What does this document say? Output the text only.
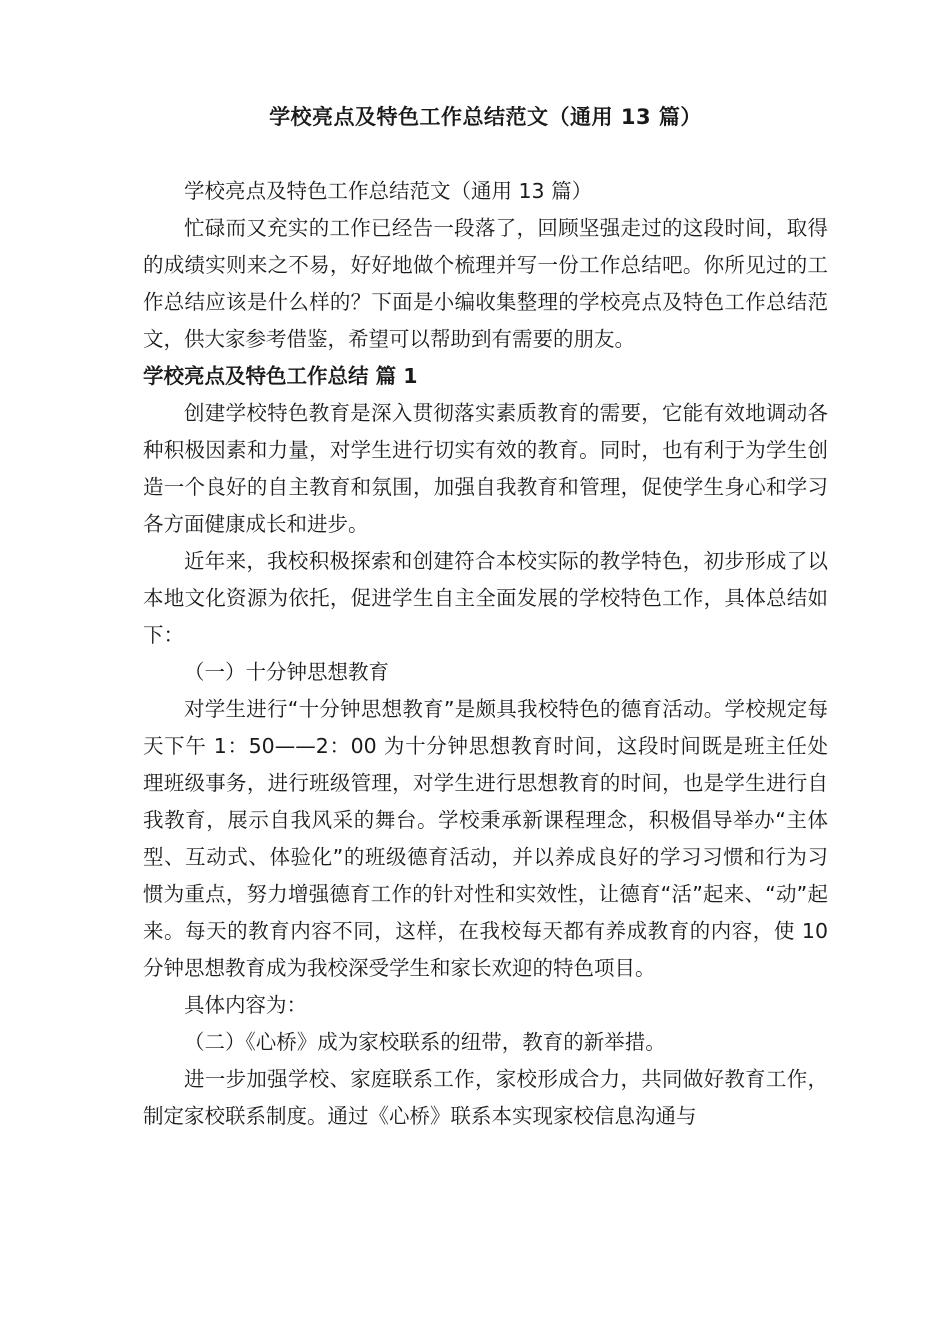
学校亮点及特色工作总结范文（通用 13 篇）

学校亮点及特色工作总结范文（通用 13 篇）

忙碌而又充实的工作已经告一段落了，回顾坚强走过的这段时间，取得的成绩实则来之不易，好好地做个梳理并写一份工作总结吧。你所见过的工作总结应该是什么样的？下面是小编收集整理的学校亮点及特色工作总结范文，供大家参考借鉴，希望可以帮助到有需要的朋友。

学校亮点及特色工作总结 篇 1

创建学校特色教育是深入贯彻落实素质教育的需要，它能有效地调动各种积极因素和力量，对学生进行切实有效的教育。同时，也有利于为学生创造一个良好的自主教育和氛围，加强自我教育和管理，促使学生身心和学习各方面健康成长和进步。

近年来，我校积极探索和创建符合本校实际的教学特色，初步形成了以本地文化资源为依托，促进学生自主全面发展的学校特色工作，具体总结如下：

（一）十分钟思想教育

对学生进行“十分钟思想教育”是颇具我校特色的德育活动。学校规定每天下午 1：50——2：00 为十分钟思想教育时间，这段时间既是班主任处理班级事务，进行班级管理，对学生进行思想教育的时间，也是学生进行自我教育，展示自我风采的舞台。学校秉承新课程理念，积极倡导举办“主体型、互动式、体验化”的班级德育活动，并以养成良好的学习习惯和行为习惯为重点，努力增强德育工作的针对性和实效性，让德育“活”起来、“动”起来。每天的教育内容不同，这样，在我校每天都有养成教育的内容，使 10 分钟思想教育成为我校深受学生和家长欢迎的特色项目。

具体内容为：

（二）《心桥》成为家校联系的纽带，教育的新举措。

进一步加强学校、家庭联系工作，家校形成合力，共同做好教育工作，制定家校联系制度。通过《心桥》联系本实现家校信息沟通与
